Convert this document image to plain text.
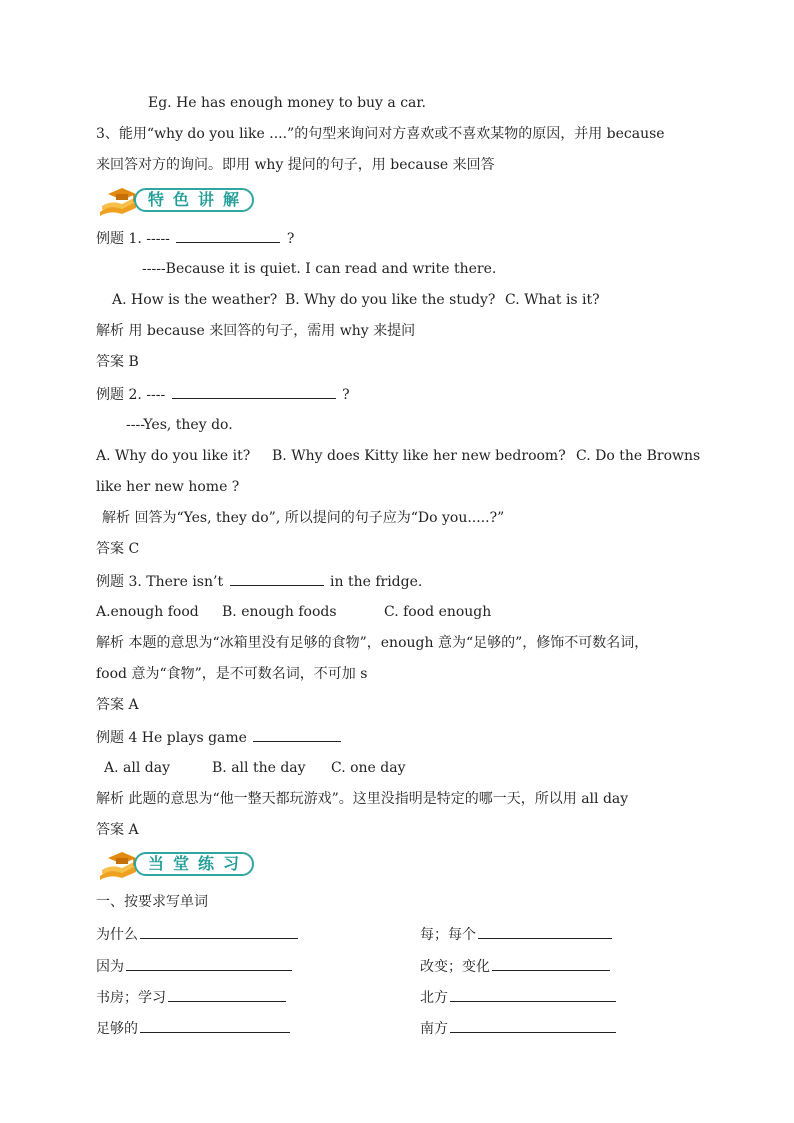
Eg. He has enough money to buy a car.
3、能用“why do you like ....”的句型来询问对方喜欢或不喜欢某物的原因，并用 because
来回答对方的询问。即用 why 提问的句子，用 because 来回答
特色讲解
例题 1. -----	?
-----Because it is quiet. I can read and write there.
A. How is the weather? B. Why do you like the study? C. What is it?
解析 用 because 来回答的句子，需用 why 来提问
答案 B
例题 2. ----	?
----Yes, they do.
A. Why do you like it? B. Why does Kitty like her new bedroom? C. Do the Browns
like her new home ?
解析 回答为“Yes, they do”, 所以提问的句子应为“Do you.....?”
答案 C
例题 3. There isn’t	in the fridge.
A.enough food B. enough foods	C. food enough
解析 本题的意思为“冰箱里没有足够的食物”，enough 意为“足够的”，修饰不可数名词，
food 意为“食物”，是不可数名词，不可加 s
答案 A
例题 4 He plays game
A. all day	B. all the day C. one day
解析 此题的意思为“他一整天都玩游戏”。这里没指明是特定的哪一天，所以用 all day
答案 A
当堂练习
一、按要求写单词
为什么	每；每个
因为	改变；变化
书房；学习	北方
足够的	南方
